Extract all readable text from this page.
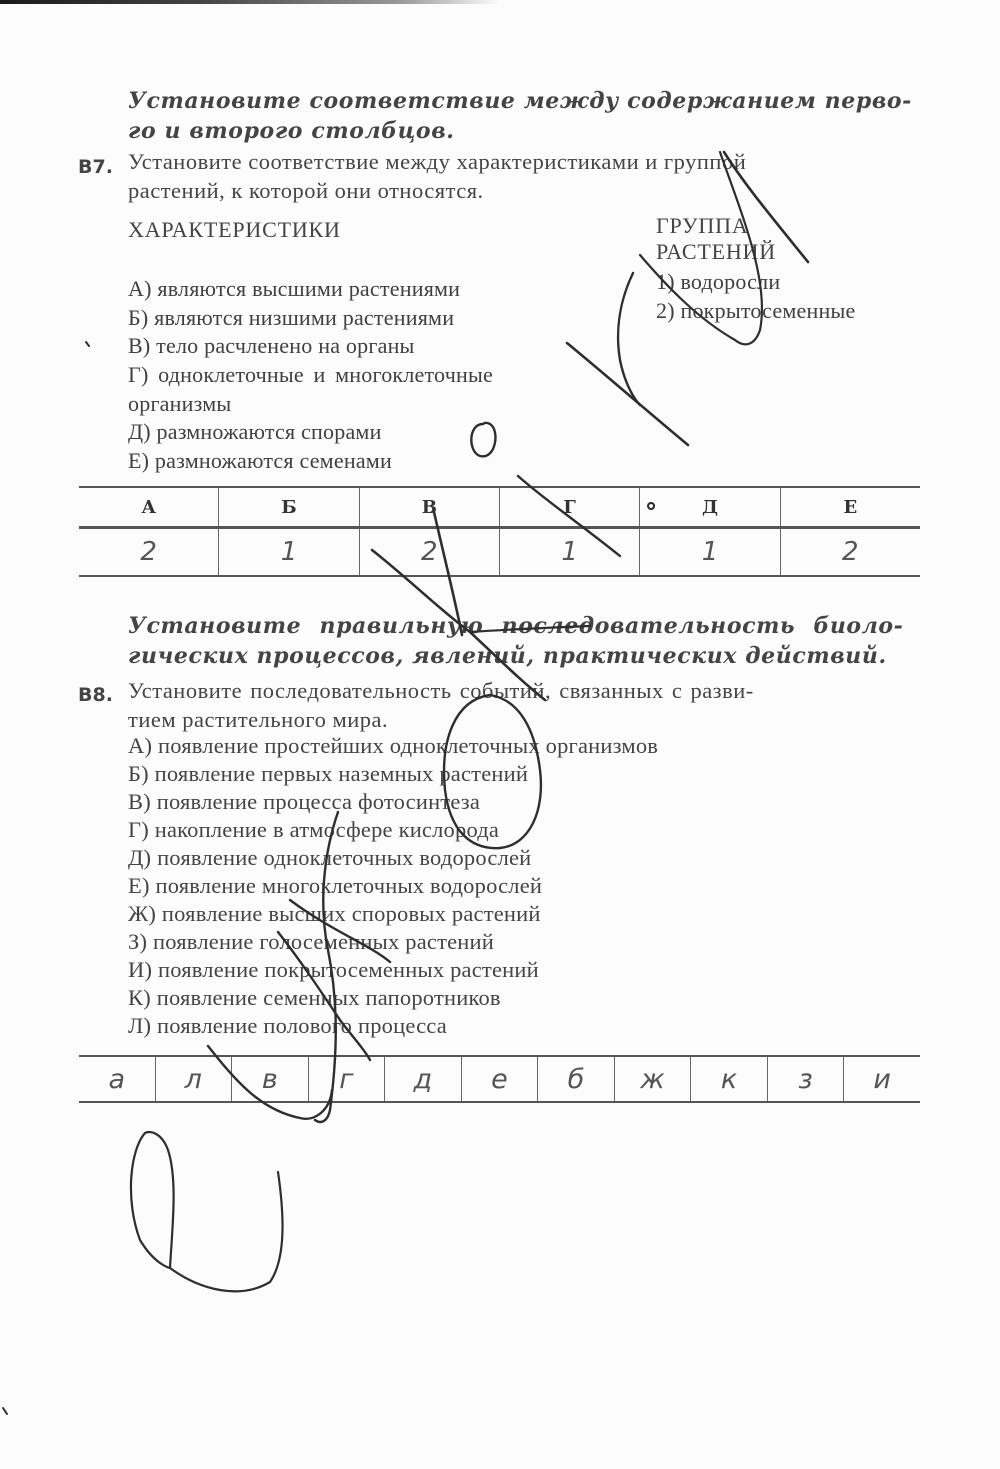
Установите соответствие между содержанием перво-
го и второго столбцов.
B7. Установите соответствие между характеристиками и группой
растений, к которой они относятся.
ХАРАКТЕРИСТИКИ
А) являются высшими растениями
Б) являются низшими растениями
В) тело расчленено на органы
Г) одноклеточные и многоклеточные
организмы
Д) размножаются спорами
Е) размножаются семенами
ГРУППА
РАСТЕНИЙ
1) водоросли
2) покрытосеменные
А	Б	В	Г	Д	Е
2	1	2	1	1	2
Установите правильную последовательность биоло-
гических процессов, явлений, практических действий.
B8. Установите последовательность событий, связанных с разви-
тием растительного мира.
А) появление простейших одноклеточных организмов
Б) появление первых наземных растений
В) появление процесса фотосинтеза
Г) накопление в атмосфере кислорода
Д) появление одноклеточных водорослей
Е) появление многоклеточных водорослей
Ж) появление высших споровых растений
З) появление голосеменных растений
И) появление покрытосеменных растений
К) появление семенных папоротников
Л) появление полового процесса
а	л	в	г	д	е	б	ж	к	з	и
